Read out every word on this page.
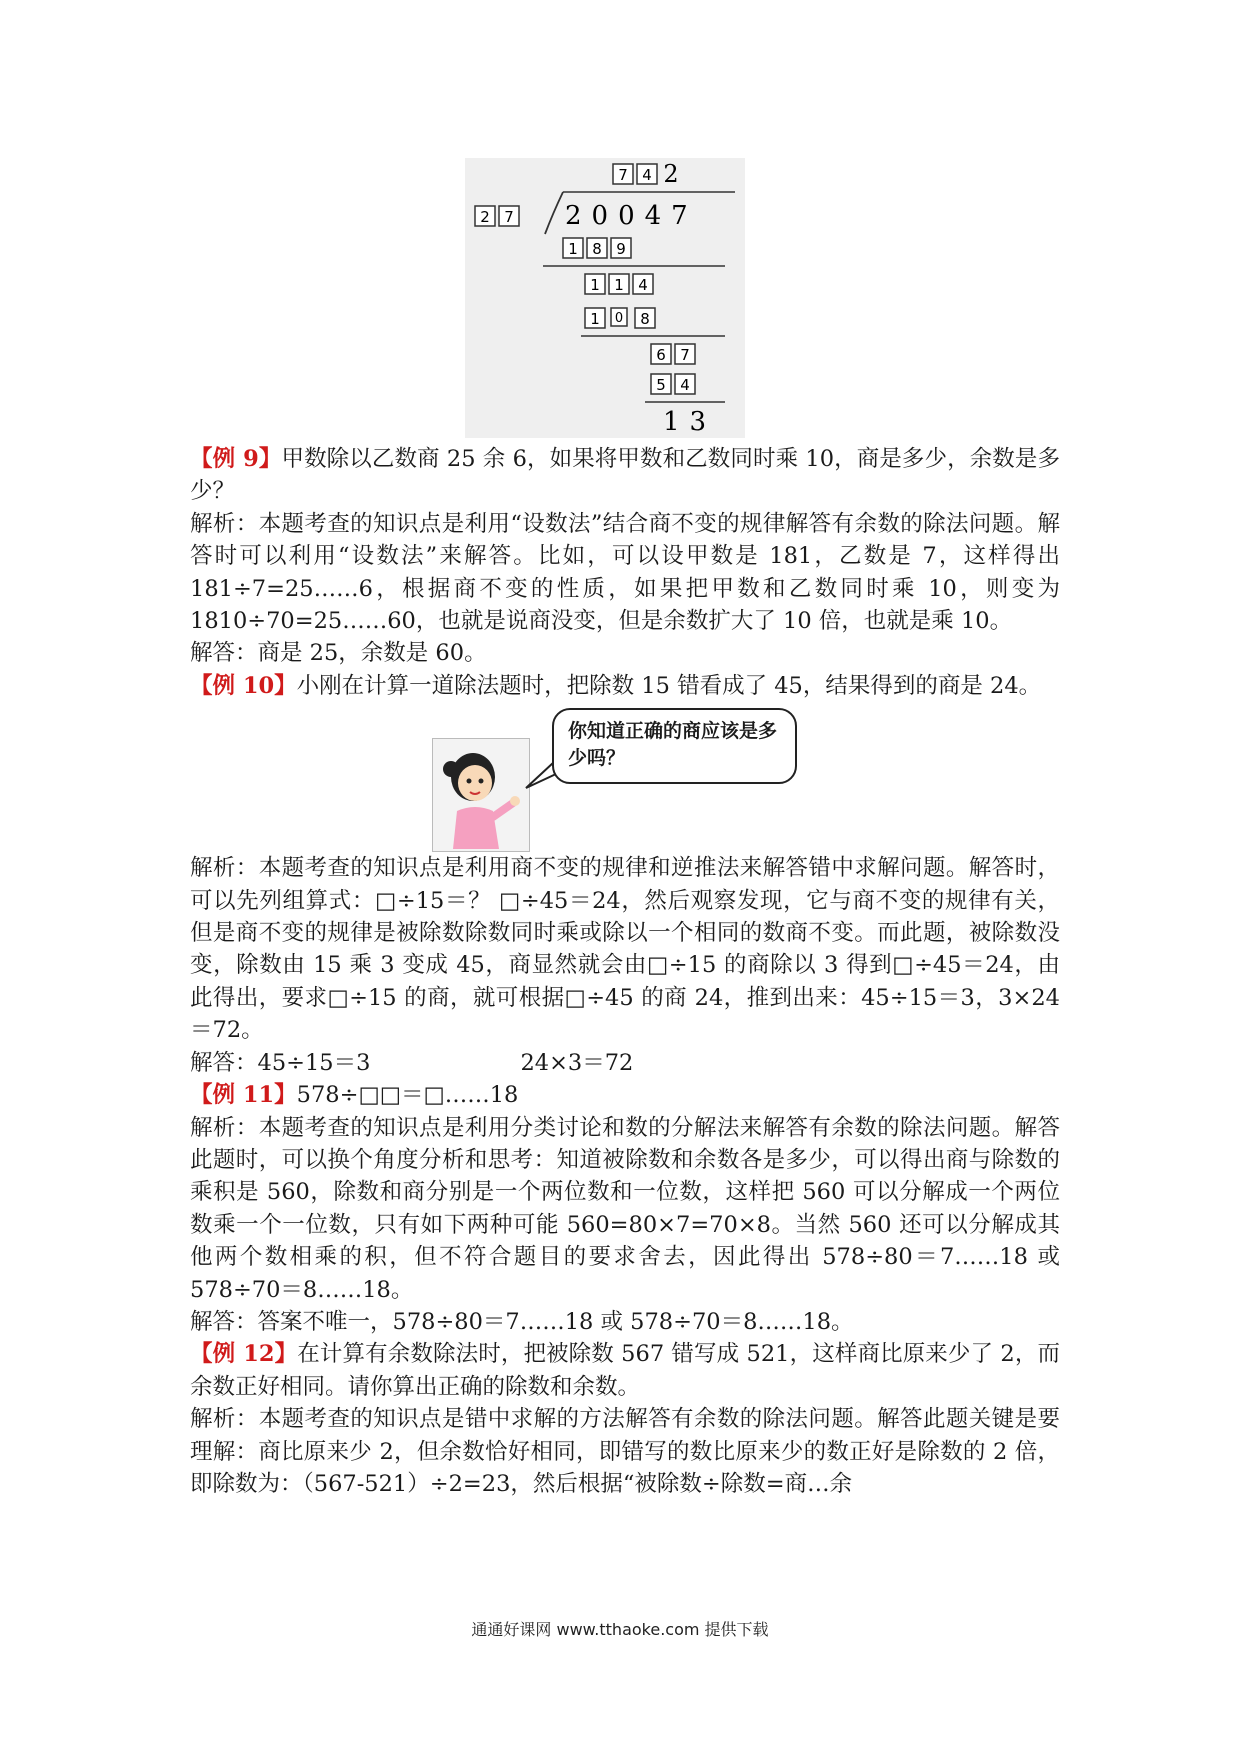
7 4 2
2 7 20047
1 8 9
1 1 4
1 0 8
6 7
5 4
13

【例 9】甲数除以乙数商 25 余 6，如果将甲数和乙数同时乘 10，商是多少，余数是多少？

解析：本题考查的知识点是利用“设数法”结合商不变的规律解答有余数的除法问题。解答时可以利用“设数法”来解答。比如，可以设甲数是 181，乙数是 7，这样得出 181÷7=25……6，根据商不变的性质，如果把甲数和乙数同时乘 10，则变为 1810÷70=25……60，也就是说商没变，但是余数扩大了 10 倍，也就是乘 10。

解答：商是 25，余数是 60。

【例 10】小刚在计算一道除法题时，把除数 15 错看成了 45，结果得到的商是 24。

你知道正确的商应该是多少吗？

解析：本题考查的知识点是利用商不变的规律和逆推法来解答错中求解问题。解答时，可以先列组算式：□÷15＝？ □÷45＝24，然后观察发现，它与商不变的规律有关，但是商不变的规律是被除数除数同时乘或除以一个相同的数商不变。而此题，被除数没变，除数由 15 乘 3 变成 45，商显然就会由□÷15 的商除以 3 得到□÷45＝24，由此得出，要求□÷15 的商，就可根据□÷45 的商 24，推到出来：45÷15＝3，3×24＝72。

解答：45÷15＝3	24×3＝72

【例 11】578÷□□＝□……18

解析：本题考查的知识点是利用分类讨论和数的分解法来解答有余数的除法问题。解答此题时，可以换个角度分析和思考：知道被除数和余数各是多少，可以得出商与除数的乘积是 560，除数和商分别是一个两位数和一位数，这样把 560 可以分解成一个两位数乘一个一位数，只有如下两种可能 560=80×7=70×8。当然 560 还可以分解成其他两个数相乘的积，但不符合题目的要求舍去，因此得出 578÷80＝7……18 或 578÷70＝8……18。

解答：答案不唯一，578÷80＝7……18 或 578÷70＝8……18。

【例 12】在计算有余数除法时，把被除数 567 错写成 521，这样商比原来少了 2，而余数正好相同。请你算出正确的除数和余数。

解析：本题考查的知识点是错中求解的方法解答有余数的除法问题。解答此题关键是要理解：商比原来少 2，但余数恰好相同，即错写的数比原来少的数正好是除数的 2 倍，即除数为：（567-521）÷2=23，然后根据“被除数÷除数=商…余

通通好课网 www.tthaoke.com 提供下载
